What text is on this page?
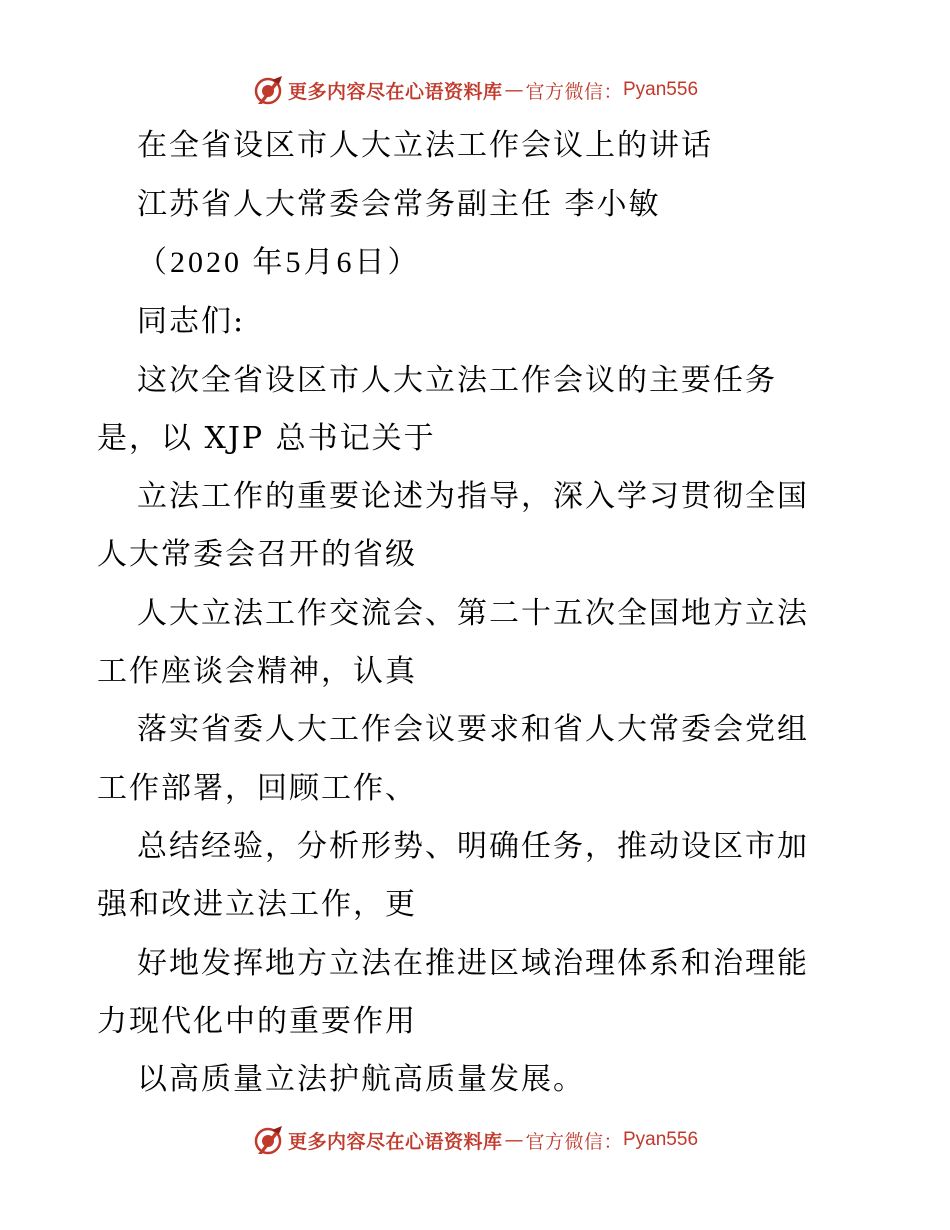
更多内容尽在心语资料库 — 官方微信： Pyan556
在全省设区市人大立法工作会议上的讲话
江苏省人大常委会常务副主任 李小敏
（2020 年5月6日）
同志们:
这次全省设区市人大立法工作会议的主要任务
是，以 XJP 总书记关于
立法工作的重要论述为指导，深入学习贯彻全国
人大常委会召开的省级
人大立法工作交流会、第二十五次全国地方立法
工作座谈会精神，认真
落实省委人大工作会议要求和省人大常委会党组
工作部署，回顾工作、
总结经验，分析形势、明确任务，推动设区市加
强和改进立法工作，更
好地发挥地方立法在推进区域治理体系和治理能
力现代化中的重要作用
以高质量立法护航高质量发展。
更多内容尽在心语资料库 — 官方微信： Pyan556
